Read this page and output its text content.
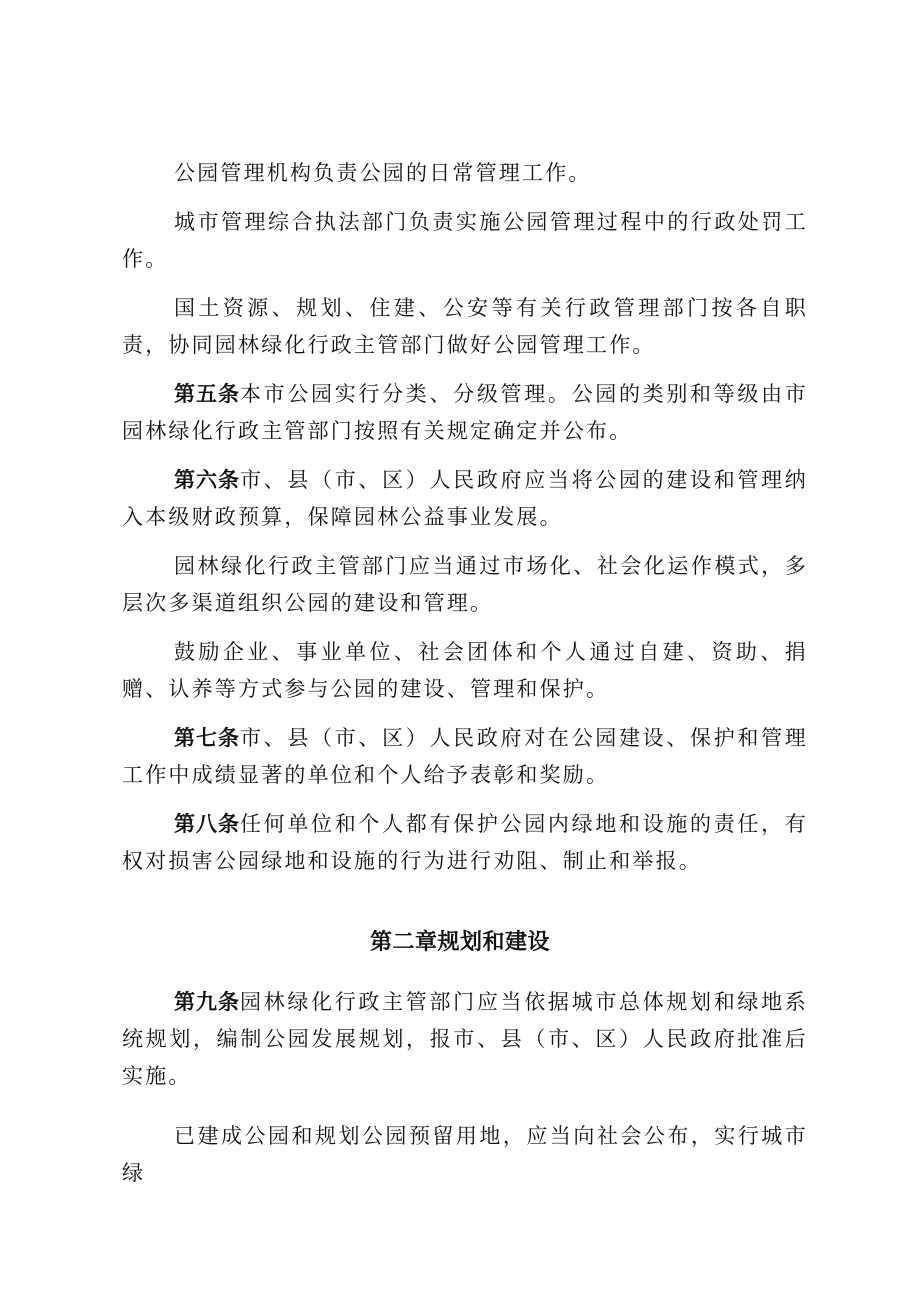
公园管理机构负责公园的日常管理工作。

城市管理综合执法部门负责实施公园管理过程中的行政处罚工作。

国土资源、规划、住建、公安等有关行政管理部门按各自职责，协同园林绿化行政主管部门做好公园管理工作。

第五条本市公园实行分类、分级管理。公园的类别和等级由市园林绿化行政主管部门按照有关规定确定并公布。

第六条市、县（市、区）人民政府应当将公园的建设和管理纳入本级财政预算，保障园林公益事业发展。

园林绿化行政主管部门应当通过市场化、社会化运作模式，多层次多渠道组织公园的建设和管理。

鼓励企业、事业单位、社会团体和个人通过自建、资助、捐赠、认养等方式参与公园的建设、管理和保护。

第七条市、县（市、区）人民政府对在公园建设、保护和管理工作中成绩显著的单位和个人给予表彰和奖励。

第八条任何单位和个人都有保护公园内绿地和设施的责任，有权对损害公园绿地和设施的行为进行劝阻、制止和举报。

第二章规划和建设

第九条园林绿化行政主管部门应当依据城市总体规划和绿地系统规划，编制公园发展规划，报市、县（市、区）人民政府批准后实施。

已建成公园和规划公园预留用地，应当向社会公布，实行城市绿
